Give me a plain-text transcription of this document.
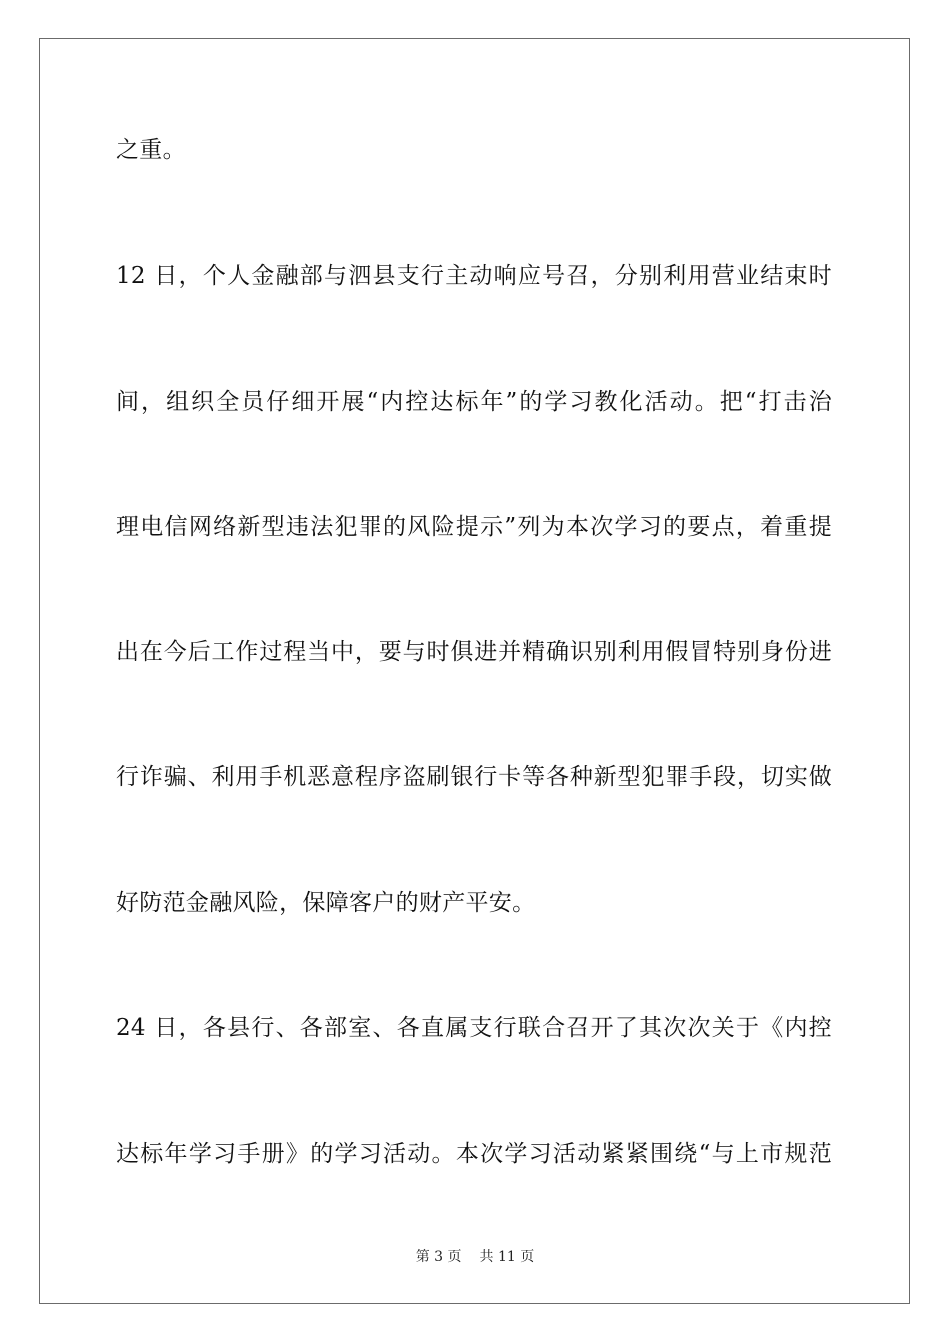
之重。
12 日，个人金融部与泗县支行主动响应号召，分别利用营业结束时
间，组织全员仔细开展“内控达标年”的学习教化活动。把“打击治
理电信网络新型违法犯罪的风险提示”列为本次学习的要点，着重提
出在今后工作过程当中，要与时俱进并精确识别利用假冒特别身份进
行诈骗、利用手机恶意程序盗刷银行卡等各种新型犯罪手段，切实做
好防范金融风险，保障客户的财产平安。
24 日，各县行、各部室、各直属支行联合召开了其次次关于《内控
达标年学习手册》的学习活动。本次学习活动紧紧围绕“与上市规范
第 3 页 共 11 页
